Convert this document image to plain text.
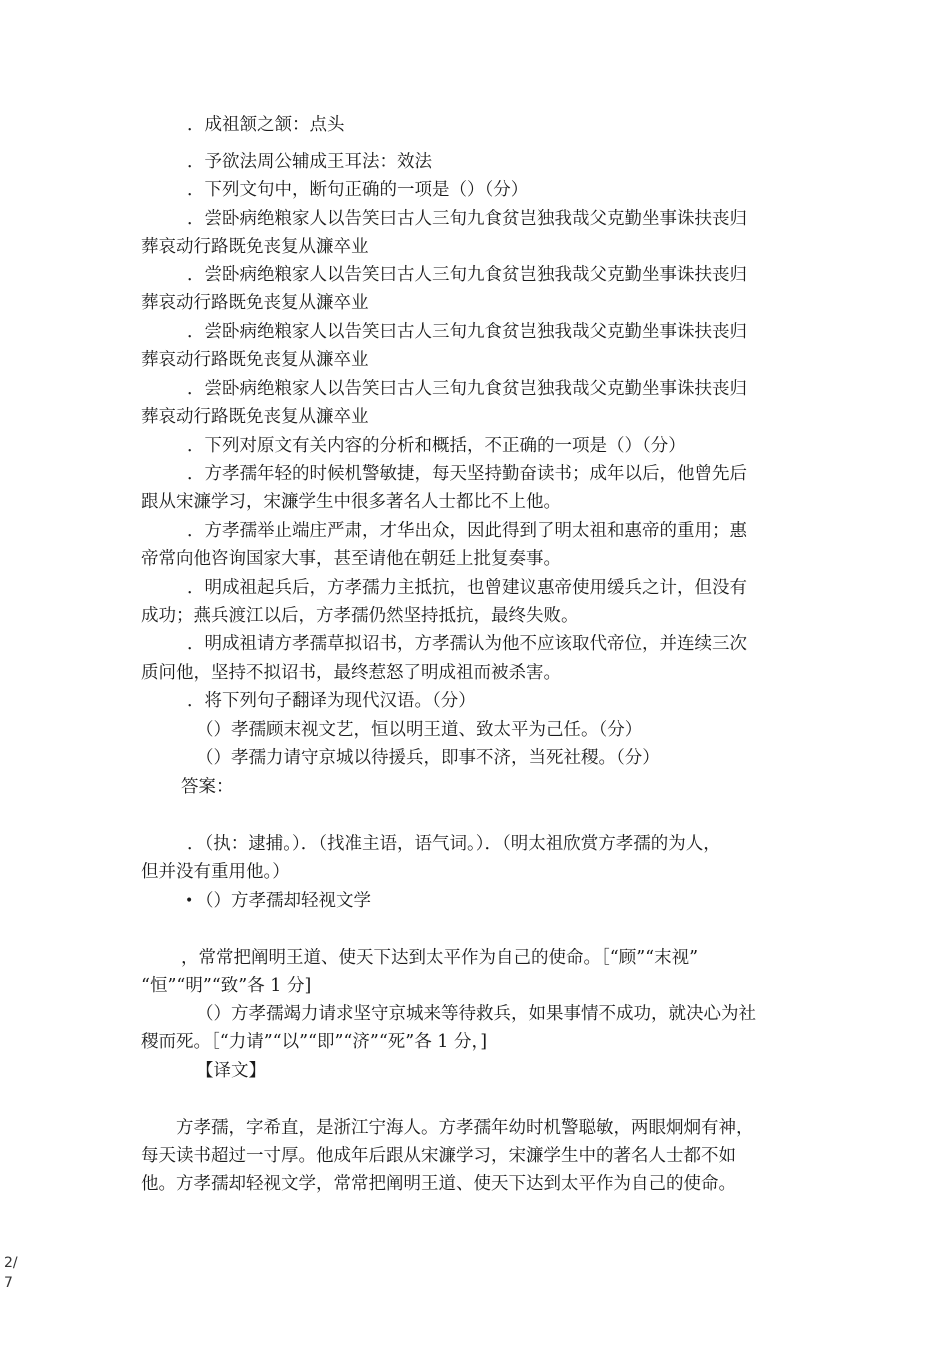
．成祖颔之颔：点头
．予欲法周公辅成王耳法：效法
．下列文句中，断句正确的一项是（）（分）
．尝卧病绝粮家人以告笑曰古人三旬九食贫岂独我哉父克勤坐事诛扶丧归
葬哀动行路既免丧复从濂卒业
．尝卧病绝粮家人以告笑曰古人三旬九食贫岂独我哉父克勤坐事诛扶丧归
葬哀动行路既免丧复从濂卒业
．尝卧病绝粮家人以告笑曰古人三旬九食贫岂独我哉父克勤坐事诛扶丧归
葬哀动行路既免丧复从濂卒业
．尝卧病绝粮家人以告笑曰古人三旬九食贫岂独我哉父克勤坐事诛扶丧归
葬哀动行路既免丧复从濂卒业
．下列对原文有关内容的分析和概括，不正确的一项是（）（分）
．方孝孺年轻的时候机警敏捷，每天坚持勤奋读书；成年以后，他曾先后
跟从宋濂学习，宋濂学生中很多著名人士都比不上他。
．方孝孺举止端庄严肃，才华出众，因此得到了明太祖和惠帝的重用；惠
帝常向他咨询国家大事，甚至请他在朝廷上批复奏事。
．明成祖起兵后，方孝孺力主抵抗，也曾建议惠帝使用缓兵之计，但没有
成功；燕兵渡江以后，方孝孺仍然坚持抵抗，最终失败。
．明成祖请方孝孺草拟诏书，方孝孺认为他不应该取代帝位，并连续三次
质问他，坚持不拟诏书，最终惹怒了明成祖而被杀害。
．将下列句子翻译为现代汉语。（分）
（）孝孺顾末视文艺，恒以明王道、致太平为己任。（分）
（）孝孺力请守京城以待援兵，即事不济，当死社稷。（分）
答案：
．（执：逮捕。）．（找准主语，语气词。）．（明太祖欣赏方孝孺的为人，
但并没有重用他。）
• （）方孝孺却轻视文学
，常常把阐明王道、使天下达到太平作为自己的使命。［“顾”“末视”
“恒”“明”“致”各 1 分]
（）方孝孺竭力请求坚守京城来等待救兵，如果事情不成功，就决心为社
稷而死。［“力请”“以”“即”“济”“死”各 1 分，]
【译文】
方孝孺，字希直，是浙江宁海人。方孝孺年幼时机警聪敏，两眼炯炯有神，
每天读书超过一寸厚。他成年后跟从宋濂学习，宋濂学生中的著名人士都不如
他。方孝孺却轻视文学，常常把阐明王道、使天下达到太平作为自己的使命。
2/
7
